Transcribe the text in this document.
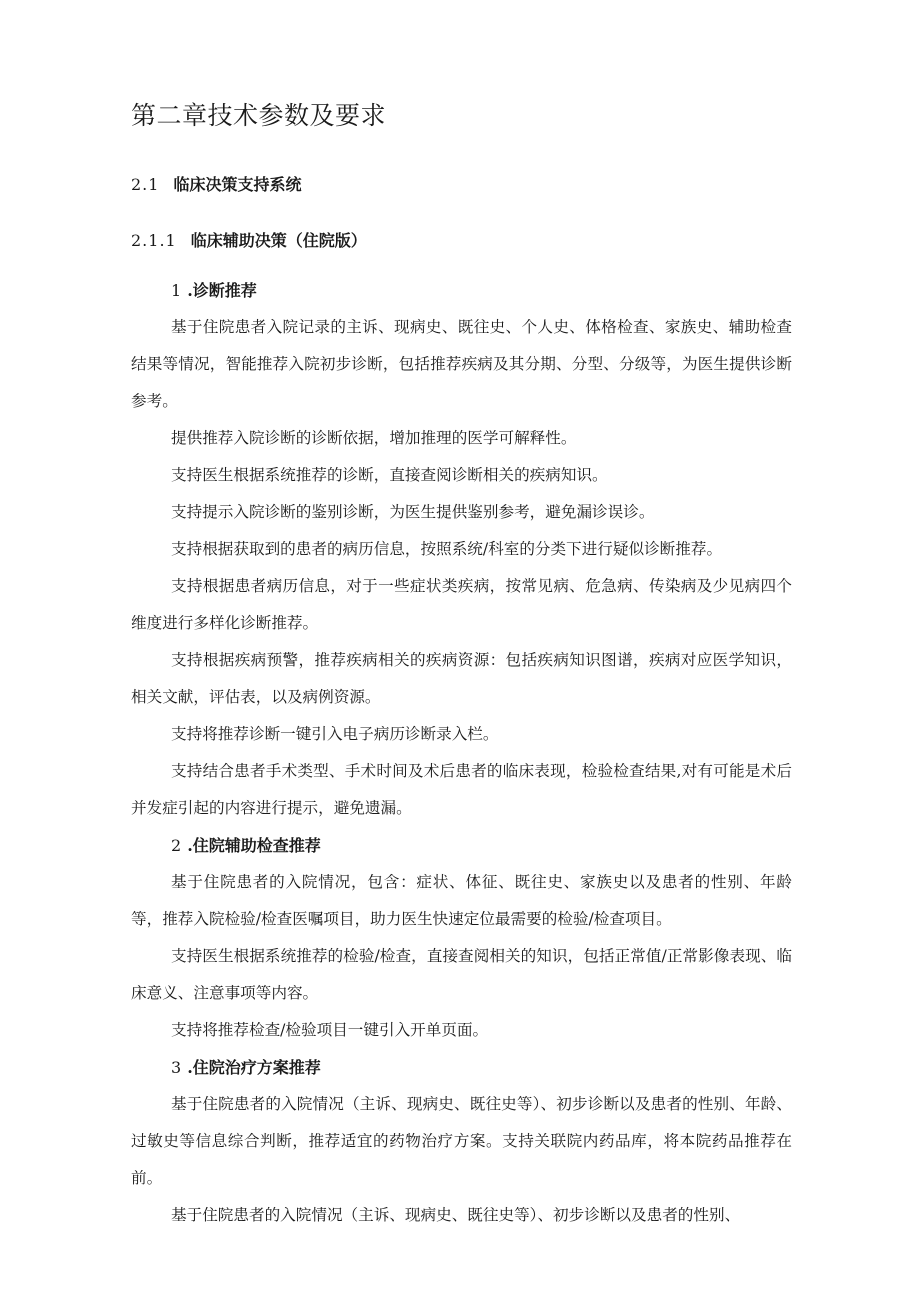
第二章技术参数及要求
2.1 临床决策支持系统
2.1.1 临床辅助决策（住院版）

1 .诊断推荐

基于住院患者入院记录的主诉、现病史、既往史、个人史、体格检查、家族史、辅助检查结果等情况，智能推荐入院初步诊断，包括推荐疾病及其分期、分型、分级等，为医生提供诊断参考。

提供推荐入院诊断的诊断依据，增加推理的医学可解释性。

支持医生根据系统推荐的诊断，直接查阅诊断相关的疾病知识。

支持提示入院诊断的鉴别诊断，为医生提供鉴别参考，避免漏诊误诊。

支持根据获取到的患者的病历信息，按照系统/科室的分类下进行疑似诊断推荐。

支持根据患者病历信息，对于一些症状类疾病，按常见病、危急病、传染病及少见病四个维度进行多样化诊断推荐。

支持根据疾病预警，推荐疾病相关的疾病资源：包括疾病知识图谱，疾病对应医学知识，相关文献，评估表，以及病例资源。

支持将推荐诊断一键引入电子病历诊断录入栏。

支持结合患者手术类型、手术时间及术后患者的临床表现，检验检查结果,对有可能是术后并发症引起的内容进行提示，避免遗漏。

2 .住院辅助检查推荐

基于住院患者的入院情况，包含：症状、体征、既往史、家族史以及患者的性别、年龄等，推荐入院检验/检查医嘱项目，助力医生快速定位最需要的检验/检查项目。

支持医生根据系统推荐的检验/检查，直接查阅相关的知识，包括正常值/正常影像表现、临床意义、注意事项等内容。

支持将推荐检查/检验项目一键引入开单页面。

3 .住院治疗方案推荐

基于住院患者的入院情况（主诉、现病史、既往史等）、初步诊断以及患者的性别、年龄、过敏史等信息综合判断，推荐适宜的药物治疗方案。支持关联院内药品库，将本院药品推荐在前。

基于住院患者的入院情况（主诉、现病史、既往史等）、初步诊断以及患者的性别、
